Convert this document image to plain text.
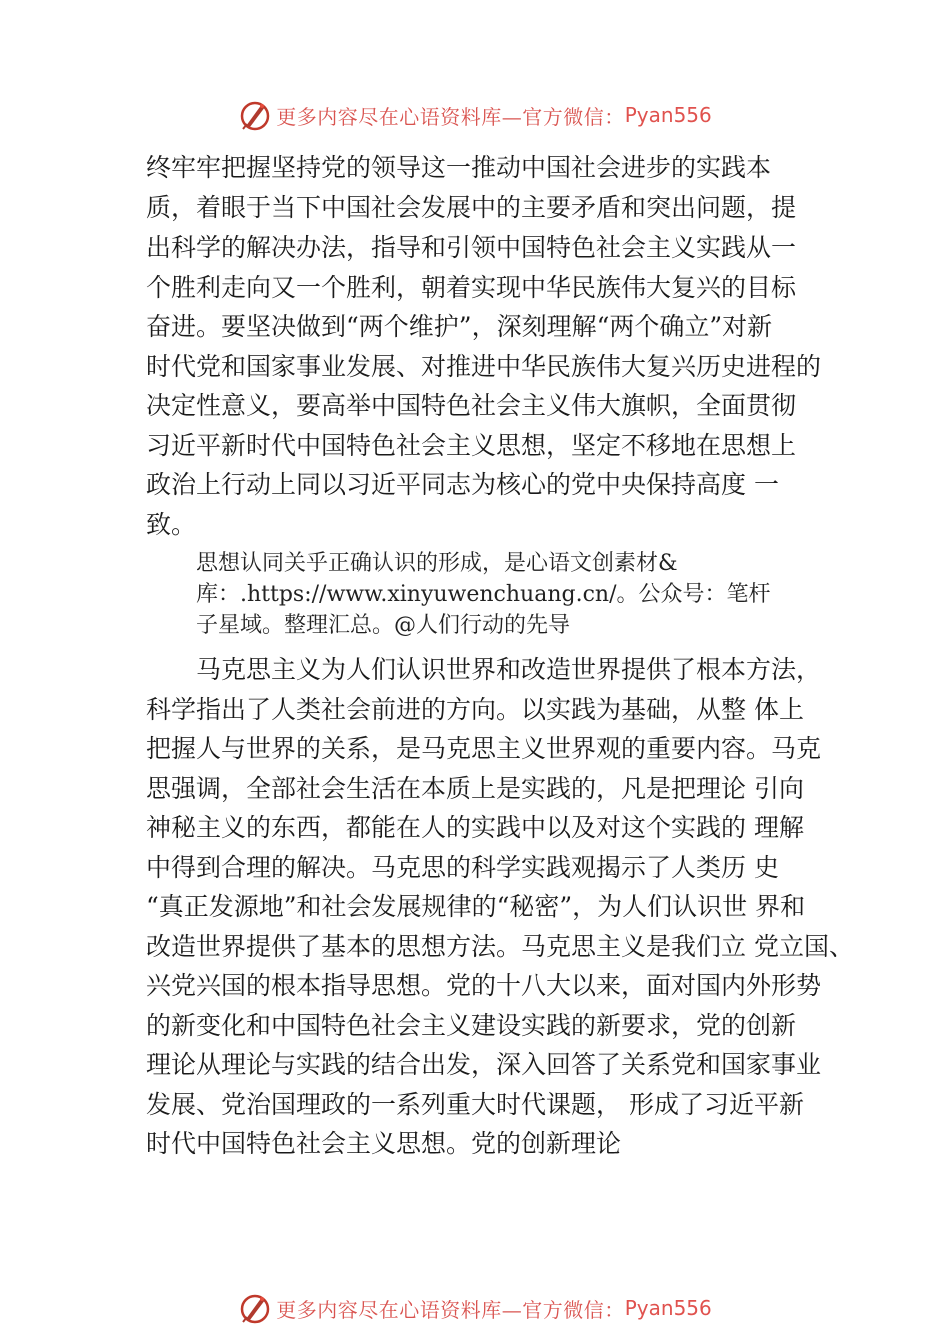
更多内容尽在心语资料库—官方微信： Pyan556
终牢牢把握坚持党的领导这一推动中国社会进步的实践本
质，着眼于当下中国社会发展中的主要矛盾和突出问题，提
出科学的解决办法，指导和引领中国特色社会主义实践从一
个胜利走向又一个胜利，朝着实现中华民族伟大复兴的目标
奋进。要坚决做到“两个维护”，深刻理解“两个确立”对新
时代党和国家事业发展、对推进中华民族伟大复兴历史进程的
决定性意义，要高举中国特色社会主义伟大旗帜，全面贯彻
习近平新时代中国特色社会主义思想，坚定不移地在思想上
政治上行动上同以习近平同志为核心的党中央保持高度 一
致。
思想认同关乎正确认识的形成，是心语文创素材&
库：.https://www.xinyuwenchuang.cn/。公众号：笔杆
子星域。整理汇总。@人们行动的先导
马克思主义为人们认识世界和改造世界提供了根本方法，
科学指出了人类社会前进的方向。以实践为基础，从整 体上
把握人与世界的关系，是马克思主义世界观的重要内容。马克
思强调，全部社会生活在本质上是实践的，凡是把理论 引向
神秘主义的东西，都能在人的实践中以及对这个实践的 理解
中得到合理的解决。马克思的科学实践观揭示了人类历 史
“真正发源地”和社会发展规律的“秘密”，为人们认识世 界和
改造世界提供了基本的思想方法。马克思主义是我们立 党立国、
兴党兴国的根本指导思想。党的十八大以来，面对国内外形势
的新变化和中国特色社会主义建设实践的新要求，党的创新
理论从理论与实践的结合出发，深入回答了关系党和国家事业
发展、党治国理政的一系列重大时代课题， 形成了习近平新
时代中国特色社会主义思想。党的创新理论
更多内容尽在心语资料库—官方微信： Pyan556
